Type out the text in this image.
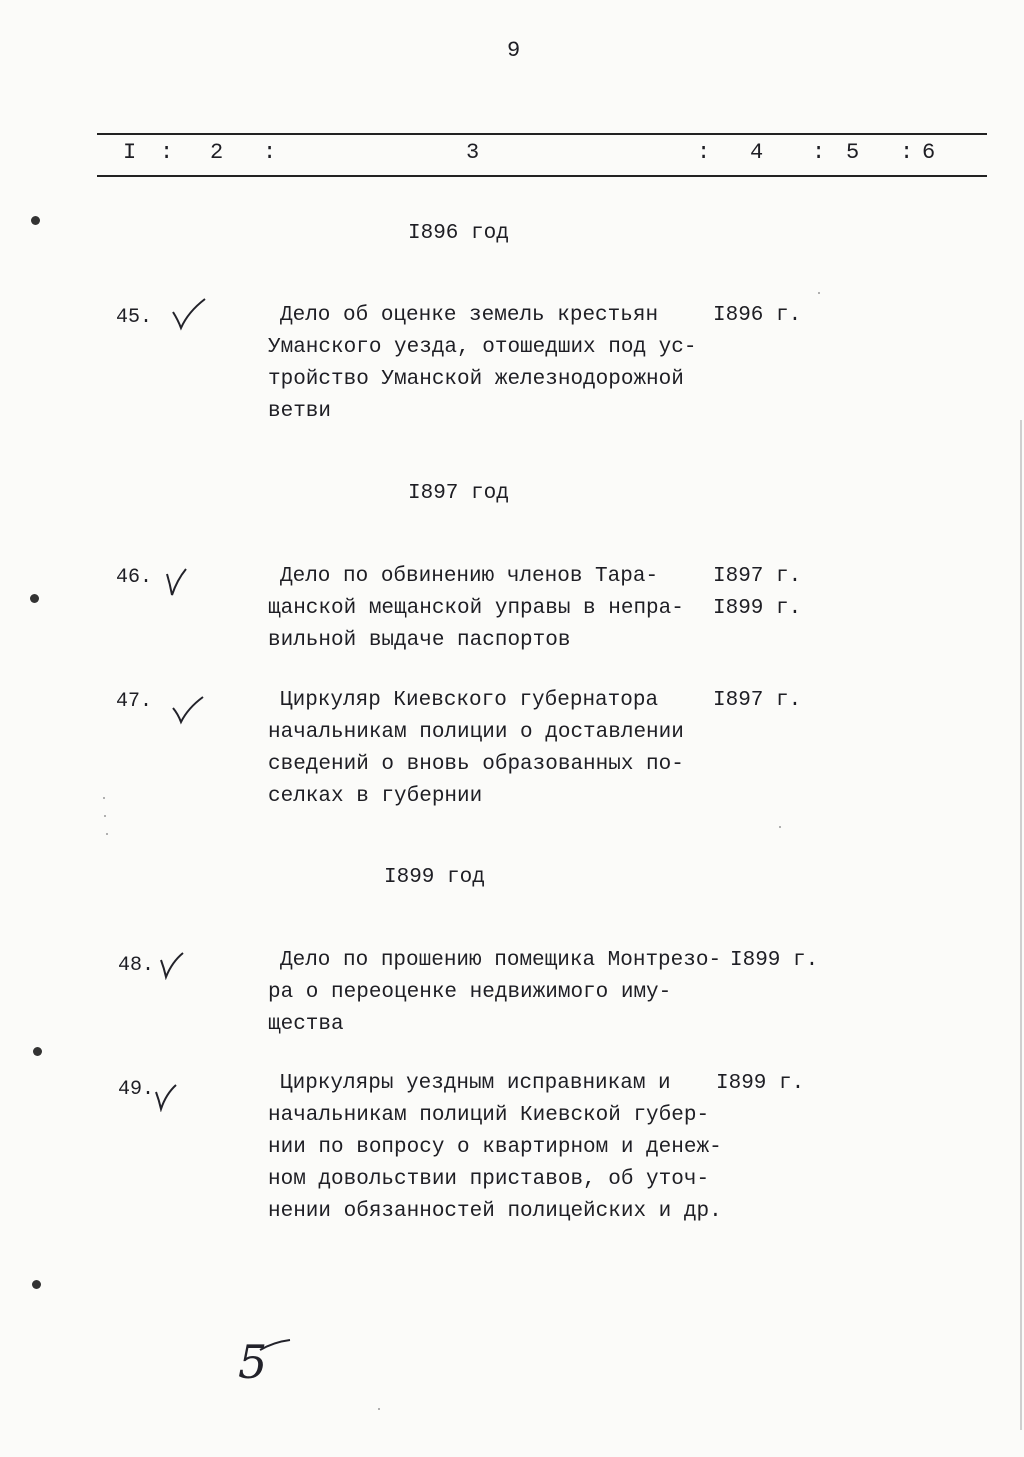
9
I : 2 :	3	: 4 : 5 : 6
I896 год
45.	Дело об оценке земель крестьян
Уманского уезда, отошедших под ус-
тройство Уманской железнодорожной
ветви
I896 г.
I897 год
46.	Дело по обвинению членов Тара-
щанской мещанской управы в непра-
вильной выдаче паспортов
I897 г.
I899 г.
47.	Циркуляр Киевского губернатора
начальникам полиции о доставлении
сведений о вновь образованных по-
селках в губернии
I897 г.
I899 год
48.	Дело по прошению помещика Монтрезо-
ра о переоценке недвижимого иму-
щества
I899 г.
49.	Циркуляры уездным исправникам и
начальникам полиций Киевской губер-
нии по вопросу о квартирном и денеж-
ном довольствии приставов, об уточ-
нении обязанностей полицейских и др.
I899 г.
5
